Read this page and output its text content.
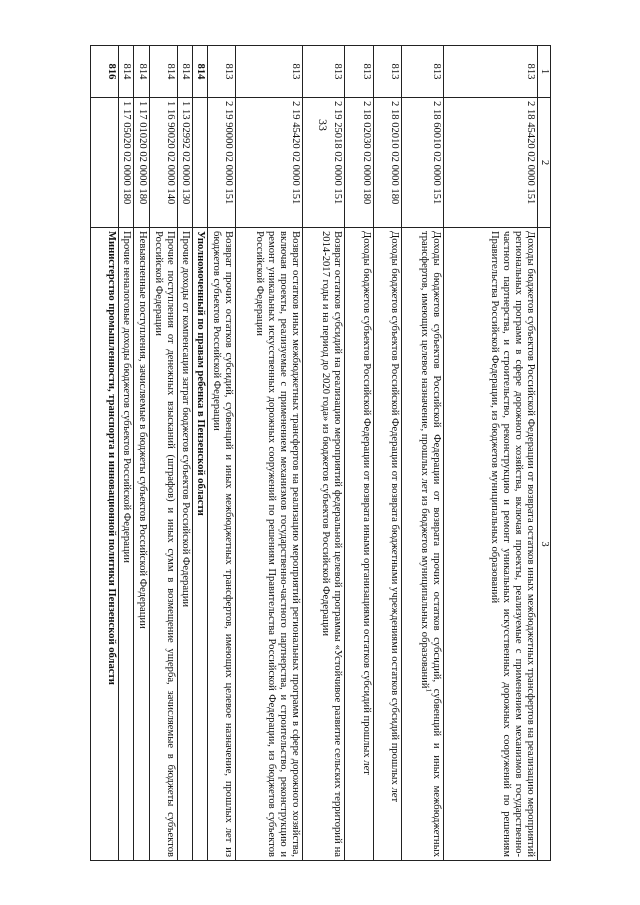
33
1	2	3
813	2 18 45420 02 0000 151	Доходы бюджетов субъектов Российской Федерации от возврата остатков иных межбюджетных трансфертов на реализацию мероприятий региональных программ в сфере дорожного хозяйства, включая проекты, реализуемые с применением механизмов государственно-частного партнерства, и строительство, реконструкцию и ремонт уникальных искусственных дорожных сооружений по решениям Правительства Российской Федерации, из бюджетов муниципальных образований
813	2 18 60010 02 0000 151	Доходы бюджетов субъектов Российской Федерации от возврата прочих остатков субсидий, субвенций и иных межбюджетных трансфертов, имеющих целевое назначение, прошлых лет из бюджетов муниципальных образований$^1$
813	2 18 02010 02 0000 180	Доходы бюджетов субъектов Российской Федерации от возврата бюджетными учреждениями остатков субсидий прошлых лет
813	2 18 02030 02 0000 180	Доходы бюджетов субъектов Российской Федерации от возврата иными организациями остатков субсидий прошлых лет
813	2 19 25018 02 0000 151	Возврат остатков субсидий на реализацию мероприятий федеральной целевой программы «Устойчивое развитие сельских территорий на 2014-2017 годы и на период до 2020 года» из бюджетов субъектов Российской Федерации
813	2 19 45420 02 0000 151	Возврат остатков иных межбюджетных трансфертов на реализацию мероприятий региональных программ в сфере дорожного хозяйства, включая проекты, реализуемые с применением механизмов государственно-частного партнерства, и строительство, реконструкцию и ремонт уникальных искусственных дорожных сооружений по решениям Правительства Российской Федерации, из бюджетов субъектов Российской Федерации
813	2 19 90000 02 0000 151	Возврат прочих остатков субсидий, субвенций и иных межбюджетных трансфертов, имеющих целевое назначение, прошлых лет из бюджетов субъектов Российской Федерации
814		Уполномоченный по правам ребенка в Пензенской области
814	1 13 02992 02 0000 130	Прочие доходы от компенсации затрат бюджетов субъектов Российской Федерации
814	1 16 90020 02 0000 140	Прочие поступления от денежных взысканий (штрафов) и иных сумм в возмещение ущерба, зачисляемые в бюджеты субъектов Российской Федерации
814	1 17 01020 02 0000 180	Невыясненные поступления, зачисляемые в бюджеты субъектов Российской Федерации
814	1 17 05020 02 0000 180	Прочие неналоговые доходы бюджетов субъектов Российской Федерации
816		Министерство промышленности, транспорта и инновационной политики Пензенской области
